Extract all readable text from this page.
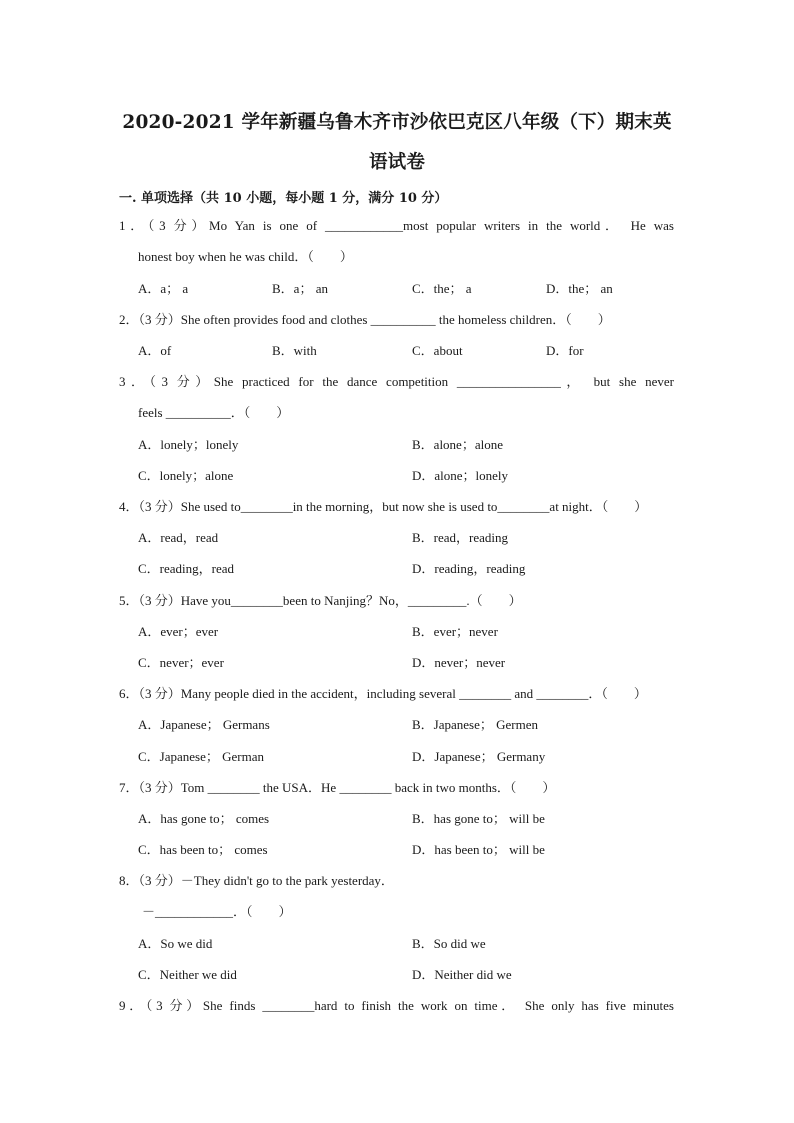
2020-2021 学年新疆乌鲁木齐市沙依巴克区八年级（下）期末英
语试卷
一. 单项选择（共 10 小题，每小题 1 分，满分 10 分）
1．（3 分）Mo Yan is one of ____________most popular writers in the world． He was
honest boy when he was child．（　　）
A．a； a	B．a； an	C．the； a	D．the； an
2．（3 分）She often provides food and clothes __________ the homeless children．（　　）
A．of	B．with	C．about	D．for
3．（3 分）She practiced for the dance competition ________________， but she never
feels __________．（　　）
A．lonely；lonely	B．alone；alone
C．lonely；alone	D．alone；lonely
4．（3 分）She used to________in the morning，but now she is used to________at night．（　　）
A．read，read	B．read，reading
C．reading，read	D．reading，reading
5．（3 分）Have you________been to Nanjing？No，_________.（　　）
A．ever；ever	B．ever；never
C．never；ever	D．never；never
6．（3 分）Many people died in the accident，including several ________ and ________．（　　）
A．Japanese； Germans	B．Japanese； Germen
C．Japanese； German	D．Japanese； Germany
7．（3 分）Tom ________ the USA．He ________ back in two months．（　　）
A．has gone to； comes	B．has gone to； will be
C．has been to； comes	D．has been to； will be
8．（3 分）－They didn't go to the park yesterday．
－____________．（　　）
A．So we did	B．So did we
C．Neither we did	D．Neither did we
9．（3 分）She finds ________hard to finish the work on time． She only has five minutes
